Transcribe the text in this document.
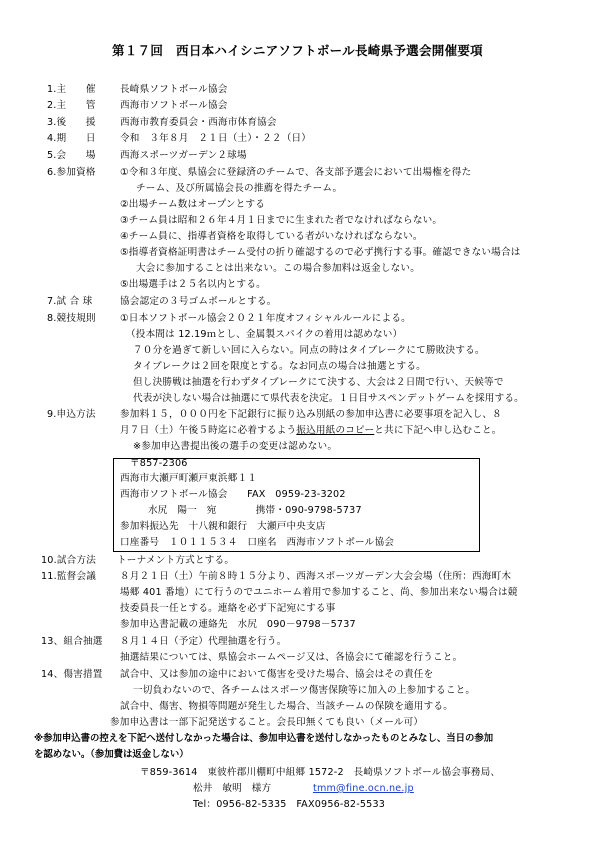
第１７回　西日本ハイシニアソフトボール長崎県予選会開催要項
1.主　　催	長崎県ソフトボール協会
2.主　　管	西海市ソフトボール協会
3.後　　援	西海市教育委員会・西海市体育協会
4.期　　日	令和　３年８月　２１日（土）・２２（日）
5.会　　場	西海スポーツガーデン２球場
6.参加資格	①令和３年度、県協会に登録済のチームで、各支部予選会において出場権を得た
チーム、及び所属協会長の推薦を得たチーム。
②出場チーム数はオープンとする
③チーム員は昭和２６年４月１日までに生まれた者でなければならない。
④チーム員に、指導者資格を取得している者がいなければならない。
⑤指導者資格証明書はチーム受付の折り確認するので必ず携行する事。確認できない場合は
大会に参加することは出来ない。この場合参加料は返金しない。
⑤出場選手は２５名以内とする。
7.試 合 球	協会認定の３号ゴムボールとする。
8.競技規則	①日本ソフトボール協会２０２１年度オフィシャルルールによる。
（投本間は 12.19ｍとし、金属製スパイクの着用は認めない）
７０分を過ぎて新しい回に入らない。同点の時はタイブレークにて勝敗決する。
タイブレークは２回を限度とする。なお同点の場合は抽選とする。
但し決勝戦は抽選を行わずタイブレークにて決する、大会は２日間で行い、天候等で
代表が決しない場合は抽選にて県代表を決定。１日目サスペンデットゲームを採用する。
9.申込方法	参加料１５，０００円を下記銀行に振り込み別紙の参加申込書に必要事項を記入し、８
月７日（土）午後５時迄に必着するよう振込用紙のコピーと共に下記へ申し込むこと。
※参加申込書提出後の選手の変更は認めない。
〒857-2306
西海市大瀬戸町瀬戸東浜郷１１
西海市ソフトボール協会　　FAX　0959-23-3202
水尻　陽一　宛　　　　携帯・090-9798-5737
参加料振込先　十八親和銀行　大瀬戸中央支店
口座番号　１０１１５３４　口座名　西海市ソフトボール協会
10.試合方法 トーナメント方式とする。
11.監督会議 ８月２１日（土）午前８時１５分より、西海スポーツガーデン大会会場（住所：西海町木
場郷 401 番地）にて行うのでユニホーム着用で参加すること、尚、参加出来ない場合は競
技委員長一任とする。連絡を必ず下記宛にする事
参加申込書記載の連絡先　水尻　090－9798－5737
13、組合抽選 ８月１４日（予定）代理抽選を行う。
抽選結果については、県協会ホームページ又は、各協会にて確認を行うこと。
14、傷害措置 試合中、又は参加の途中において傷害を受けた場合、協会はその責任を
一切負わないので、各チームはスポーツ傷害保険等に加入の上参加すること。
試合中、傷害、物損等問題が発生した場合、当該チームの保険を適用する。
参加申込書は一部下記発送すること。会長印無くても良い（メール可）
※参加申込書の控えを下記へ送付しなかった場合は、参加申込書を送付しなかったものとみなし、当日の参加
を認めない。（参加費は返金しない）
〒859-3614　東彼杵郡川棚町中組郷 1572-2　長崎県ソフトボール協会事務局、
松井　敏明　様方	tmm@fine.ocn.ne.jp
Tel：0956-82-5335　FAX0956-82-5533
